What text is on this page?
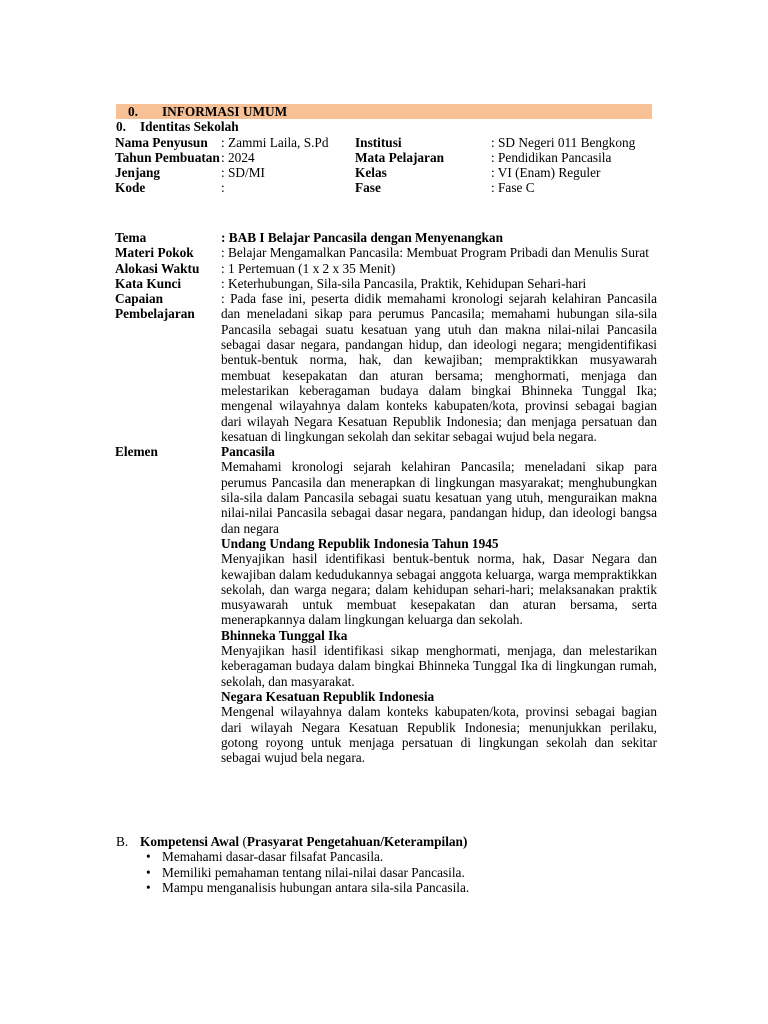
0. INFORMASI UMUM
0. Identitas Sekolah
Nama Penyusun : Zammi Laila, S.Pd	Institusi	: SD Negeri 011 Bengkong
Tahun Pembuatan : 2024	Mata Pelajaran	: Pendidikan Pancasila
Jenjang	: SD/MI	Kelas	: VI (Enam) Reguler
Kode	:	Fase	: Fase C
Tema	: BAB I Belajar Pancasila dengan Menyenangkan
Materi Pokok	: Belajar Mengamalkan Pancasila: Membuat Program Pribadi dan Menulis Surat
Alokasi Waktu	: 1 Pertemuan (1 x 2 x 35 Menit)
Kata Kunci	: Keterhubungan, Sila-sila Pancasila, Praktik, Kehidupan Sehari-hari
Capaian Pembelajaran
: Pada fase ini, peserta didik memahami kronologi sejarah kelahiran Pancasila dan meneladani sikap para perumus Pancasila; memahami hubungan sila-sila Pancasila sebagai suatu kesatuan yang utuh dan makna nilai-nilai Pancasila sebagai dasar negara, pandangan hidup, dan ideologi negara; mengidentifikasi bentuk-bentuk norma, hak, dan kewajiban; mempraktikkan musyawarah membuat kesepakatan dan aturan bersama; menghormati, menjaga dan melestarikan keberagaman budaya dalam bingkai Bhinneka Tunggal Ika; mengenal wilayahnya dalam konteks kabupaten/kota, provinsi sebagai bagian dari wilayah Negara Kesatuan Republik Indonesia; dan menjaga persatuan dan kesatuan di lingkungan sekolah dan sekitar sebagai wujud bela negara.
Elemen	Pancasila
Memahami kronologi sejarah kelahiran Pancasila; meneladani sikap para perumus Pancasila dan menerapkan di lingkungan masyarakat; menghubungkan sila-sila dalam Pancasila sebagai suatu kesatuan yang utuh, menguraikan makna nilai-nilai Pancasila sebagai dasar negara, pandangan hidup, dan ideologi bangsa dan negara
Undang Undang Republik Indonesia Tahun 1945
Menyajikan hasil identifikasi bentuk-bentuk norma, hak, Dasar Negara dan kewajiban dalam kedudukannya sebagai anggota keluarga, warga mempraktikkan sekolah, dan warga negara; dalam kehidupan sehari-hari; melaksanakan praktik musyawarah untuk membuat kesepakatan dan aturan bersama, serta menerapkannya dalam lingkungan keluarga dan sekolah.
Bhinneka Tunggal Ika
Menyajikan hasil identifikasi sikap menghormati, menjaga, dan melestarikan keberagaman budaya dalam bingkai Bhinneka Tunggal Ika di lingkungan rumah, sekolah, dan masyarakat.
Negara Kesatuan Republik Indonesia
Mengenal wilayahnya dalam konteks kabupaten/kota, provinsi sebagai bagian dari wilayah Negara Kesatuan Republik Indonesia; menunjukkan perilaku, gotong royong untuk menjaga persatuan di lingkungan sekolah dan sekitar sebagai wujud bela negara.
B. Kompetensi Awal (Prasyarat Pengetahuan/Keterampilan)
• Memahami dasar-dasar filsafat Pancasila.
• Memiliki pemahaman tentang nilai-nilai dasar Pancasila.
• Mampu menganalisis hubungan antara sila-sila Pancasila.
